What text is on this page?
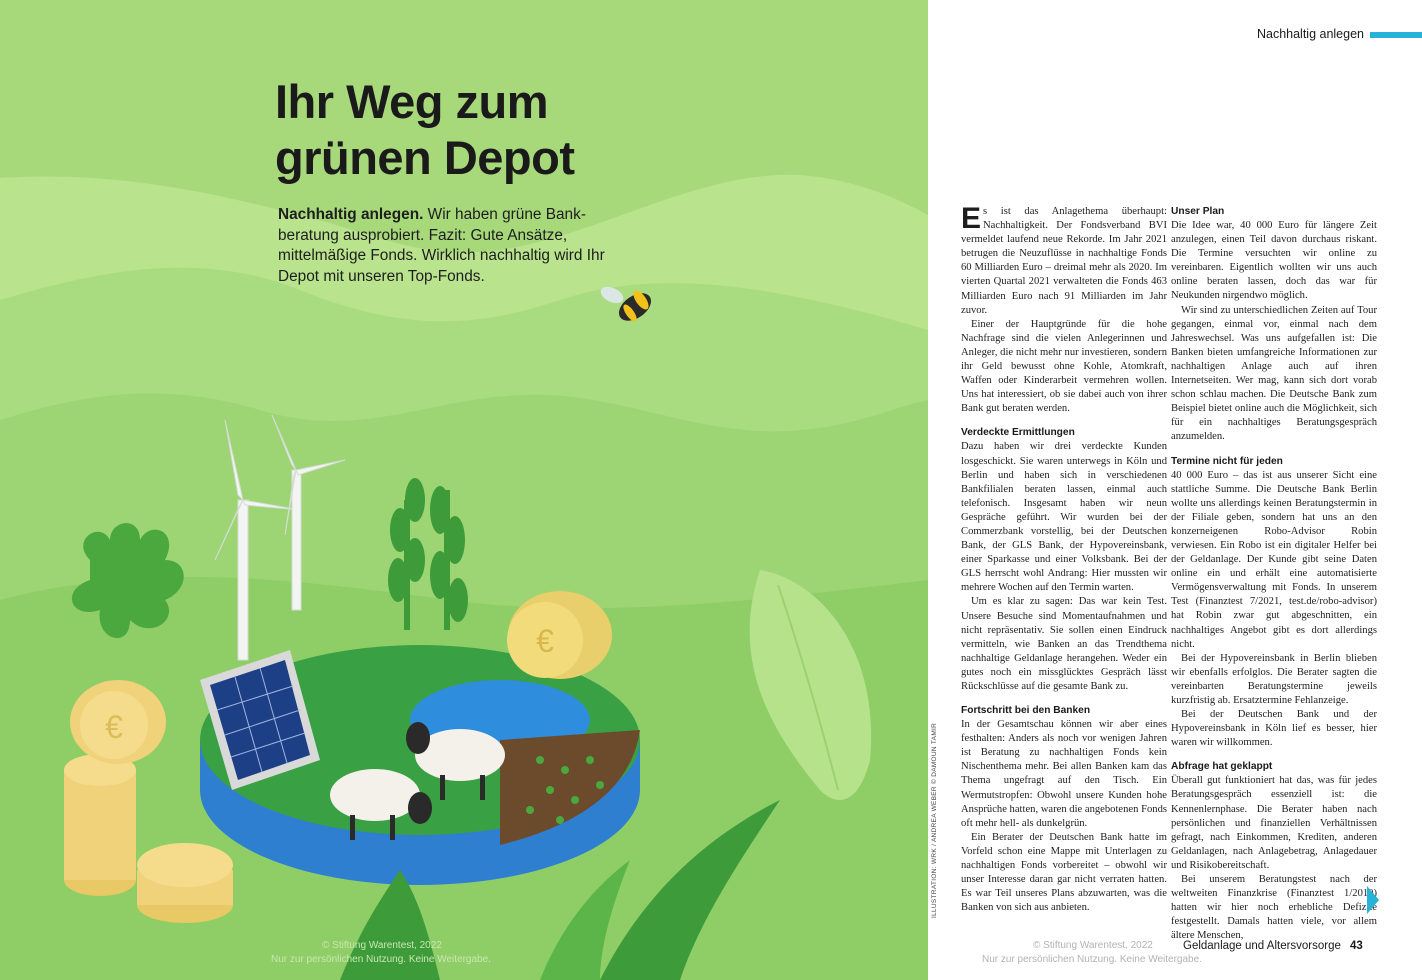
€
€
Ihr Weg zum
grünen Depot

Nachhaltig anlegen. Wir haben grüne Bankberatung ausprobiert. Fazit: Gute Ansätze, mittelmäßige Fonds. Wirklich nachhaltig wird Ihr Depot mit unseren Top-Fonds.

© Stiftung Warentest, 2022
Nur zur persönlichen Nutzung. Keine Weitergabe.
ILLUSTRATION: WRK / ANDREA WEBER © DAMOUN TAMIR
Nachhaltig anlegen

Es ist das Anlagethema überhaupt: Nachhaltigkeit. Der Fondsverband BVI vermeldet laufend neue Rekorde. Im Jahr 2021 betrugen die Neuzuflüsse in nachhaltige Fonds 60 Milliarden Euro – dreimal mehr als 2020. Im vierten Quartal 2021 verwalteten die Fonds 463 Milliarden Euro nach 91 Milliarden im Jahr zuvor.

Einer der Hauptgründe für die hohe Nachfrage sind die vielen Anlegerinnen und Anleger, die nicht mehr nur investieren, sondern ihr Geld bewusst ohne Kohle, Atomkraft, Waffen oder Kinderarbeit vermehren wollen. Uns hat interessiert, ob sie dabei auch von ihrer Bank gut beraten werden.

Verdeckte Ermittlungen

Dazu haben wir drei verdeckte Kunden losgeschickt. Sie waren unterwegs in Köln und Berlin und haben sich in verschiedenen Bankfilialen beraten lassen, einmal auch telefonisch. Insgesamt haben wir neun Gespräche geführt. Wir wurden bei der Commerzbank vorstellig, bei der Deutschen Bank, der GLS Bank, der Hypovereinsbank, einer Sparkasse und einer Volksbank. Bei der GLS herrscht wohl Andrang: Hier mussten wir mehrere Wochen auf den Termin warten.

Um es klar zu sagen: Das war kein Test. Unsere Besuche sind Momentaufnahmen und nicht repräsentativ. Sie sollen einen Eindruck vermitteln, wie Banken an das Trendthema nachhaltige Geldanlage herangehen. Weder ein gutes noch ein missglücktes Gespräch lässt Rückschlüsse auf die gesamte Bank zu.

Fortschritt bei den Banken

In der Gesamtschau können wir aber eines festhalten: Anders als noch vor wenigen Jahren ist Beratung zu nachhaltigen Fonds kein Nischenthema mehr. Bei allen Banken kam das Thema ungefragt auf den Tisch. Ein Wermutstropfen: Obwohl unsere Kunden hohe Ansprüche hatten, waren die angebotenen Fonds oft mehr hell- als dunkelgrün.

Ein Berater der Deutschen Bank hatte im Vorfeld schon eine Mappe mit Unterlagen zu nachhaltigen Fonds vorbereitet – obwohl wir unser Interesse daran gar nicht verraten hatten. Es war Teil unseres Plans abzuwarten, was die Banken von sich aus anbieten.

Unser Plan

Die Idee war, 40 000 Euro für längere Zeit anzulegen, einen Teil davon durchaus riskant. Die Termine versuchten wir online zu vereinbaren. Eigentlich wollten wir uns auch online beraten lassen, doch das war für Neukunden nirgendwo möglich.

Wir sind zu unterschiedlichen Zeiten auf Tour gegangen, einmal vor, einmal nach dem Jahreswechsel. Was uns aufgefallen ist: Die Banken bieten umfangreiche Informationen zur nachhaltigen Anlage auch auf ihren Internetseiten. Wer mag, kann sich dort vorab schon schlau machen. Die Deutsche Bank zum Beispiel bietet online auch die Möglichkeit, sich für ein nachhaltiges Beratungsgespräch anzumelden.

Termine nicht für jeden

40 000 Euro – das ist aus unserer Sicht eine stattliche Summe. Die Deutsche Bank Berlin wollte uns allerdings keinen Beratungstermin in der Filiale geben, sondern hat uns an den konzerneigenen Robo-Advisor Robin verwiesen. Ein Robo ist ein digitaler Helfer bei der Geldanlage. Der Kunde gibt seine Daten online ein und erhält eine automatisierte Vermögensverwaltung mit Fonds. In unserem Test (Finanztest 7/2021, test.de/robo-advisor) hat Robin zwar gut abgeschnitten, ein nachhaltiges Angebot gibt es dort allerdings nicht.

Bei der Hypovereinsbank in Berlin blieben wir ebenfalls erfolglos. Die Berater sagten die vereinbarten Beratungstermine jeweils kurzfristig ab. Ersatztermine Fehlanzeige.

Bei der Deutschen Bank und der Hypovereinsbank in Köln lief es besser, hier waren wir willkommen.

Abfrage hat geklappt

Überall gut funktioniert hat das, was für jedes Beratungsgespräch essenziell ist: die Kennenlernphase. Die Berater haben nach persönlichen und finanziellen Verhältnissen gefragt, nach Einkommen, Krediten, anderen Geldanlagen, nach Anlagebetrag, Anlagedauer und Risikobereitschaft.

Bei unserem Beratungstest nach der weltweiten Finanzkrise (Finanztest 1/2010) hatten wir hier noch erhebliche Defizite festgestellt. Damals hatten viele, vor allem ältere Menschen,

© Stiftung Warentest, 2022	Geldanlage und Altersvorsorge 43
Nur zur persönlichen Nutzung. Keine Weitergabe.
